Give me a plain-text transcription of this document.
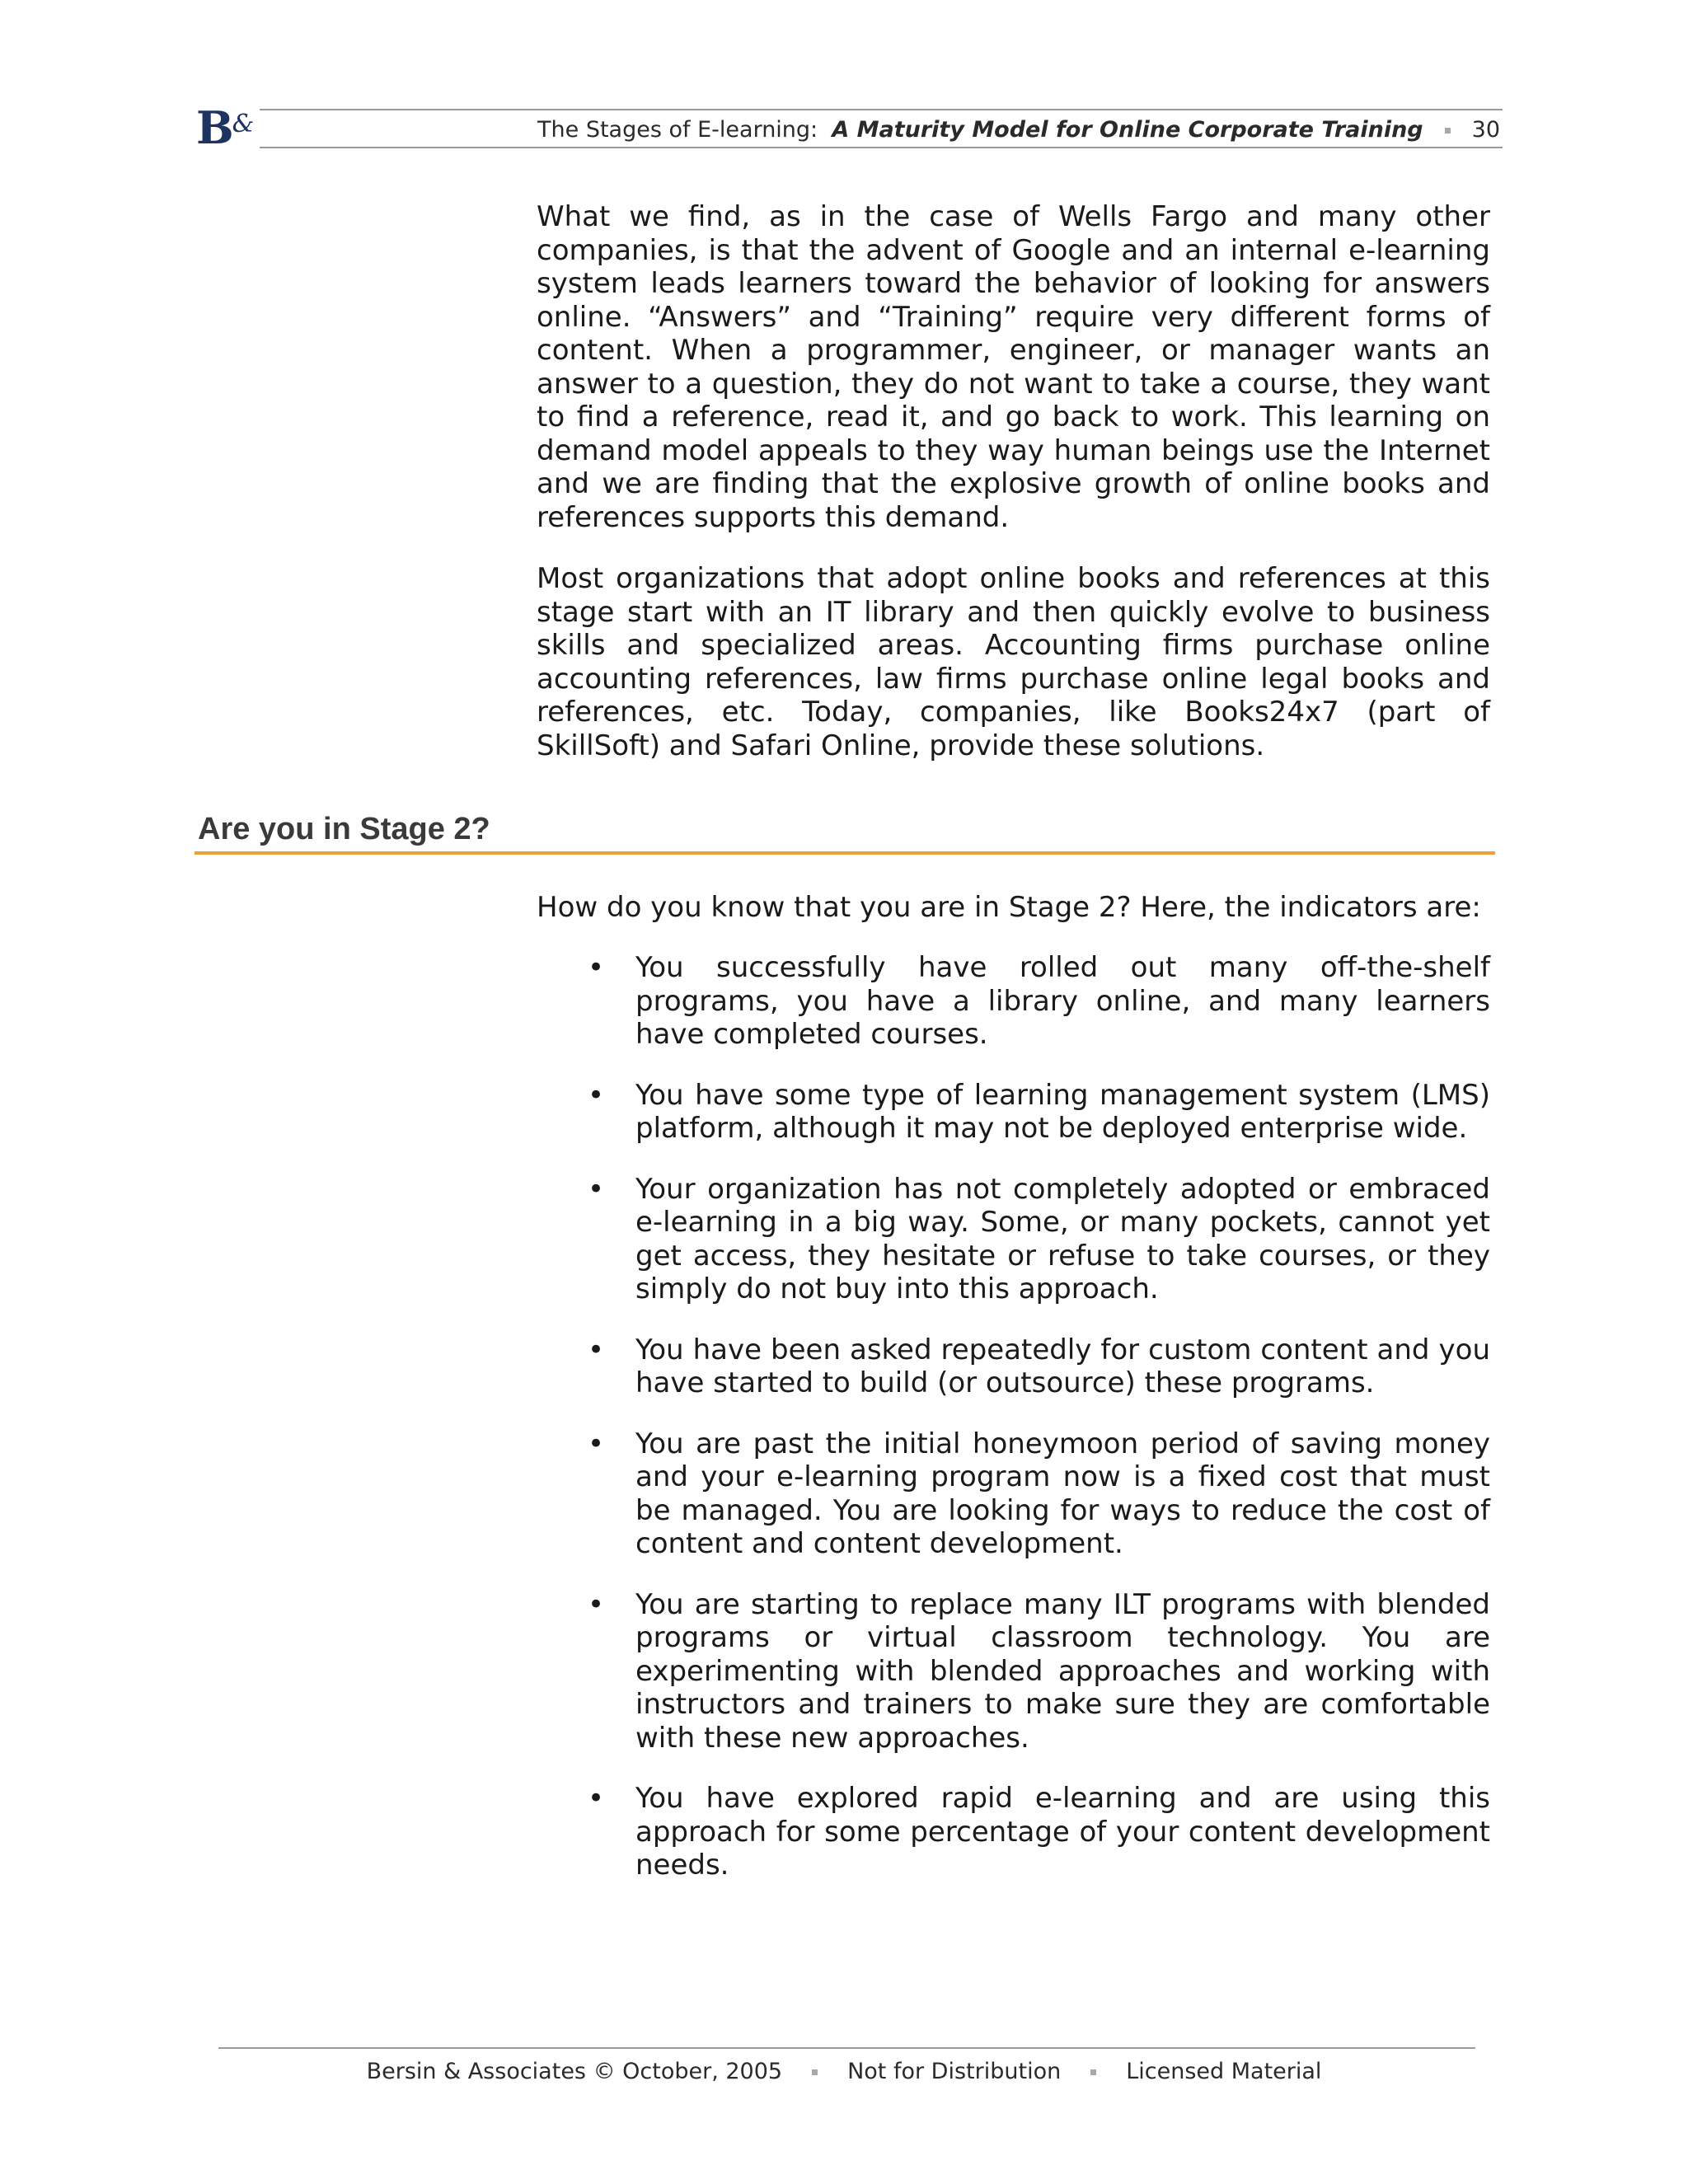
B&	The Stages of E-learning: A Maturity Model for Online Corporate Training 30

What we find, as in the case of Wells Fargo and many other companies, is that the advent of Google and an internal e-learning system leads learners toward the behavior of looking for answers online. “Answers” and “Training” require very different forms of content. When a programmer, engineer, or manager wants an answer to a question, they do not want to take a course, they want to find a reference, read it, and go back to work. This learning on demand model appeals to they way human beings use the Internet and we are finding that the explosive growth of online books and references supports this demand.

Most organizations that adopt online books and references at this stage start with an IT library and then quickly evolve to business skills and specialized areas. Accounting firms purchase online accounting references, law firms purchase online legal books and references, etc. Today, companies, like Books24x7 (part of SkillSoft) and Safari Online, provide these solutions.

Are you in Stage 2?

How do you know that you are in Stage 2? Here, the indicators are:

• You successfully have rolled out many off-the-shelf programs, you have a library online, and many learners have completed courses.
• You have some type of learning management system (LMS) platform, although it may not be deployed enterprise wide.
• Your organization has not completely adopted or embraced e-learning in a big way. Some, or many pockets, cannot yet get access, they hesitate or refuse to take courses, or they simply do not buy into this approach.
• You have been asked repeatedly for custom content and you have started to build (or outsource) these programs.
• You are past the initial honeymoon period of saving money and your e-learning program now is a fixed cost that must be managed. You are looking for ways to reduce the cost of content and content development.
• You are starting to replace many ILT programs with blended programs or virtual classroom technology. You are experimenting with blended approaches and working with instructors and trainers to make sure they are comfortable with these new approaches.
• You have explored rapid e-learning and are using this approach for some percentage of your content development needs.
Bersin & Associates © October, 2005	Not for Distribution	Licensed Material
